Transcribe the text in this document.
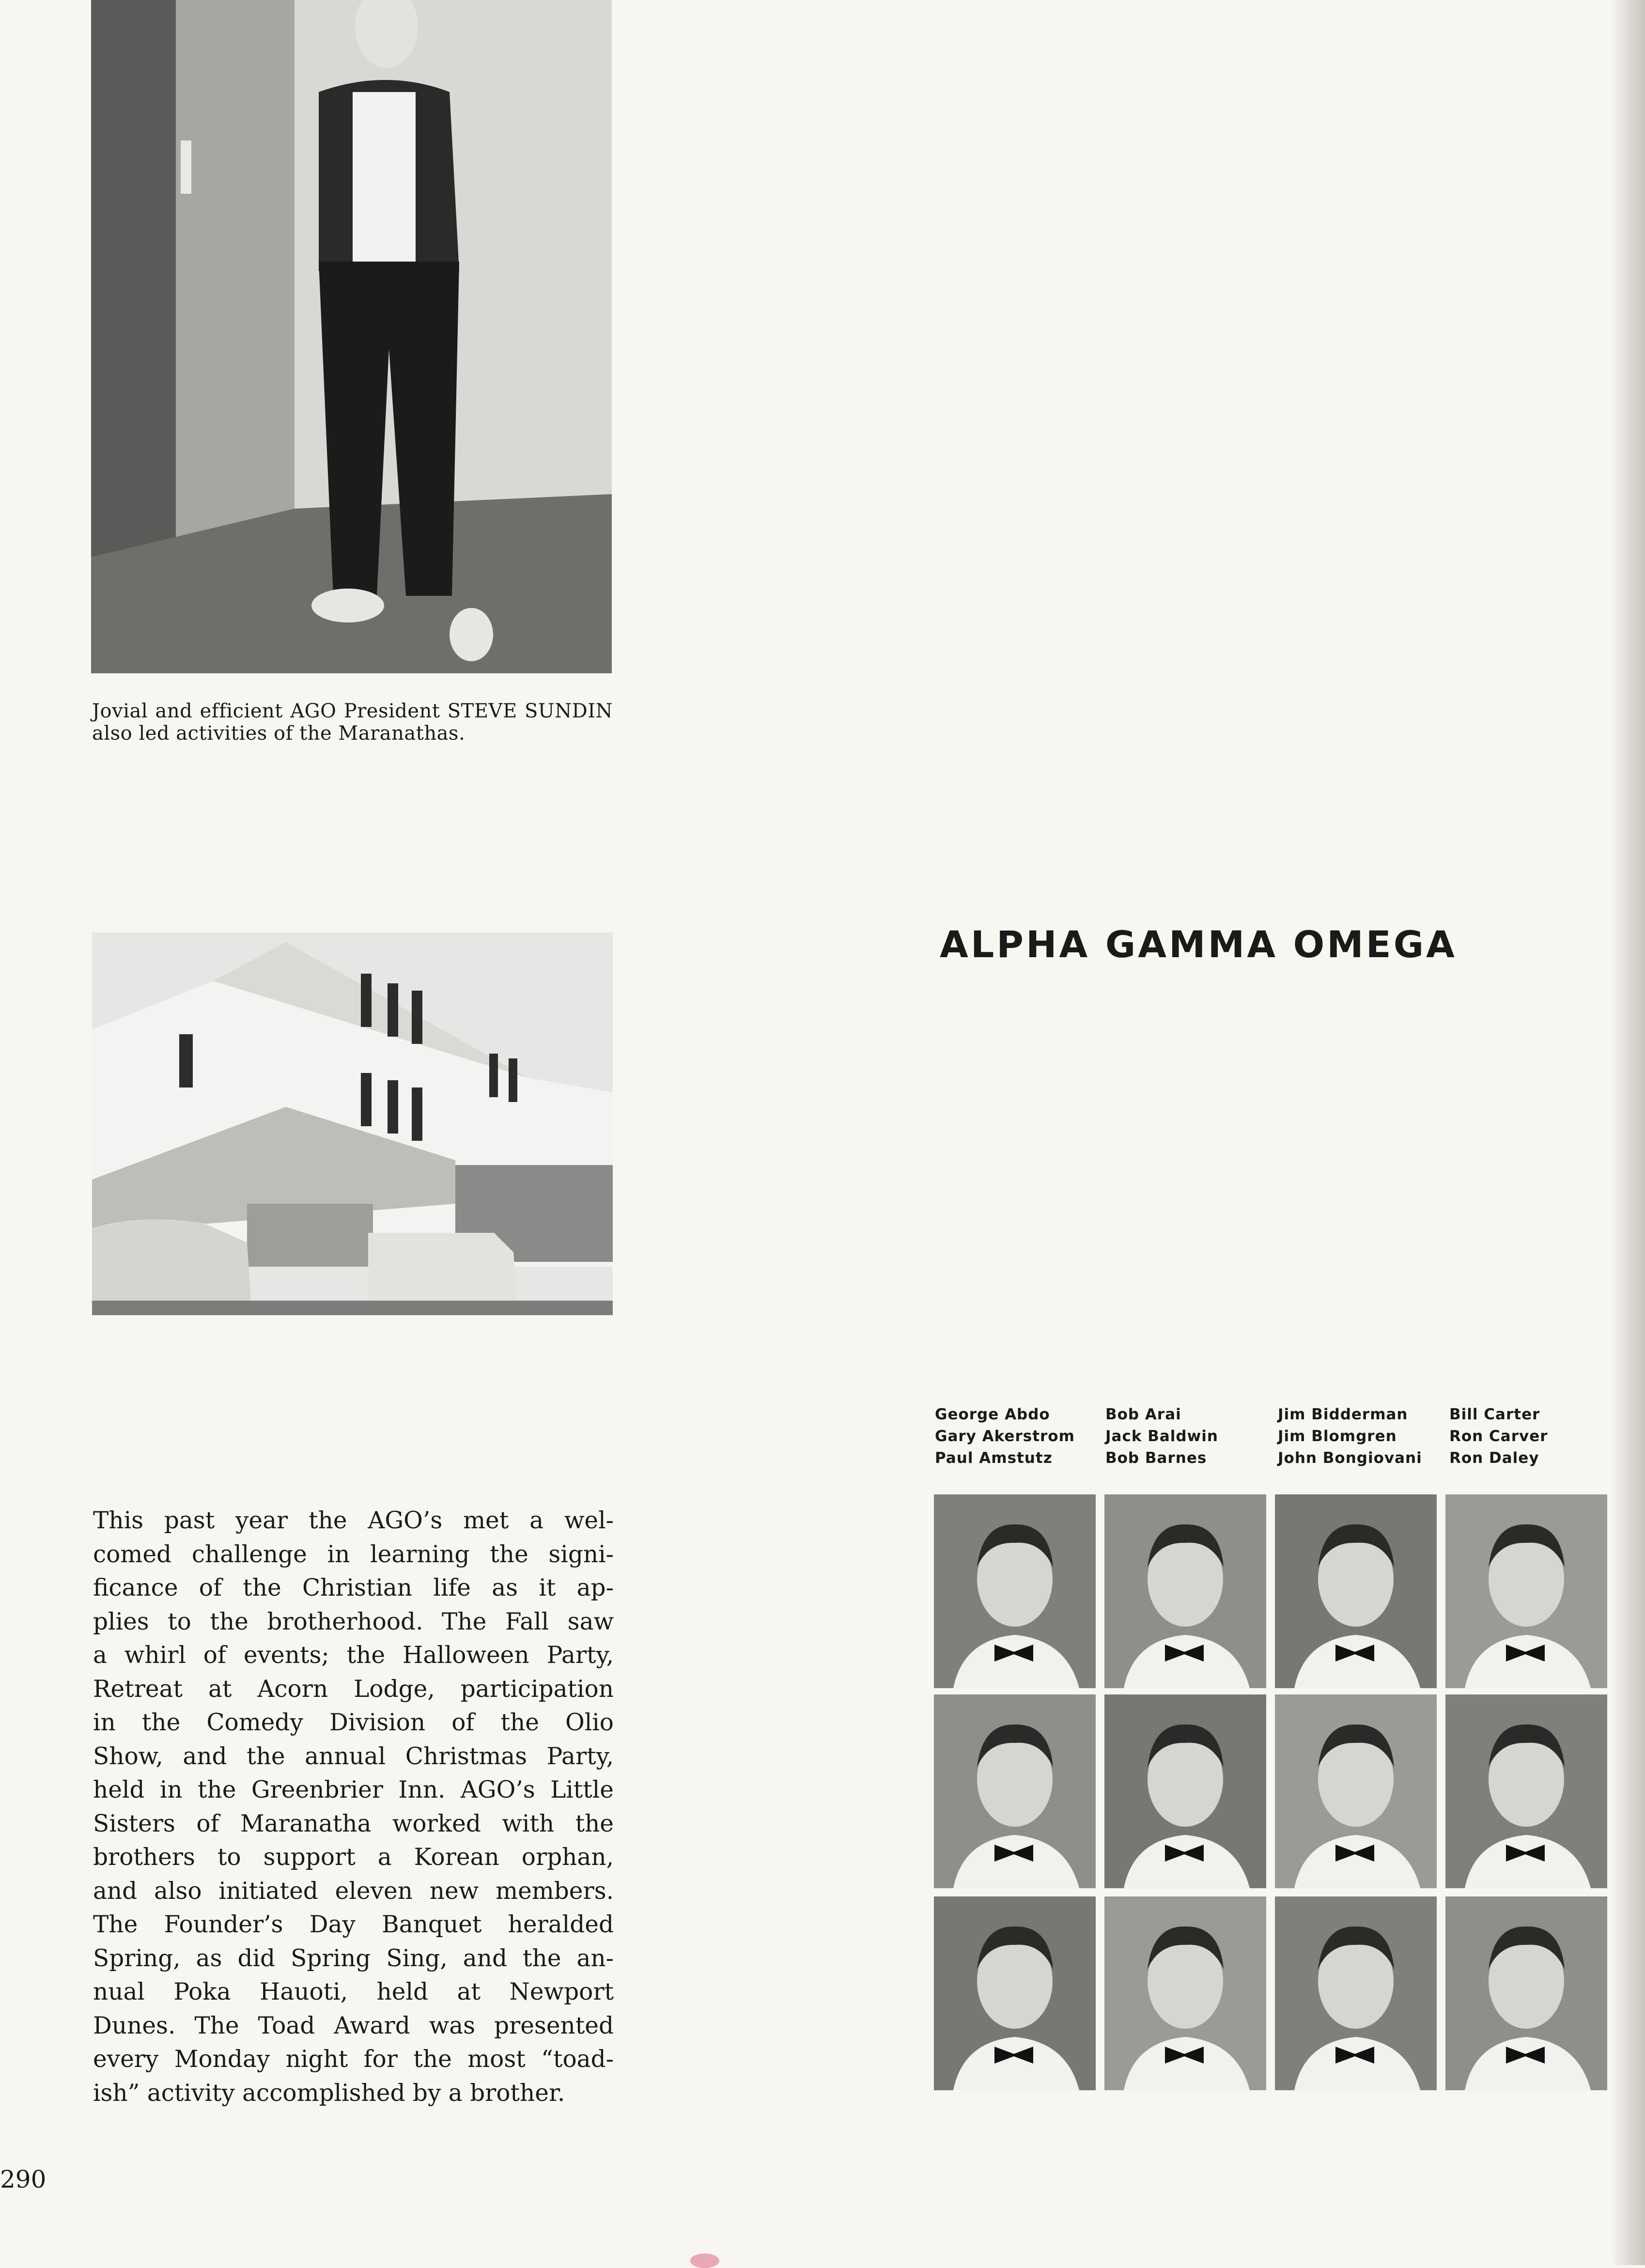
Jovial and efficient AGO President STEVE SUNDIN also led activities of the Maranathas.
ALPHA GAMMA OMEGA
George Abdo
Gary Akerstrom
Paul Amstutz
Bob Arai
Jack Baldwin
Bob Barnes
Jim Bidderman
Jim Blomgren
John Bongiovani
Bill Carter
Ron Carver
Ron Daley
This past year the AGO’s met a wel-
comed challenge in learning the signi-
ficance of the Christian life as it ap-
plies to the brotherhood. The Fall saw
a whirl of events; the Halloween Party,
Retreat at Acorn Lodge, participation
in the Comedy Division of the Olio
Show, and the annual Christmas Party,
held in the Greenbrier Inn. AGO’s Little
Sisters of Maranatha worked with the
brothers to support a Korean orphan,
and also initiated eleven new members.
The Founder’s Day Banquet heralded
Spring, as did Spring Sing, and the an-
nual Poka Hauoti, held at Newport
Dunes. The Toad Award was presented
every Monday night for the most “toad-
ish” activity accomplished by a brother.
290
